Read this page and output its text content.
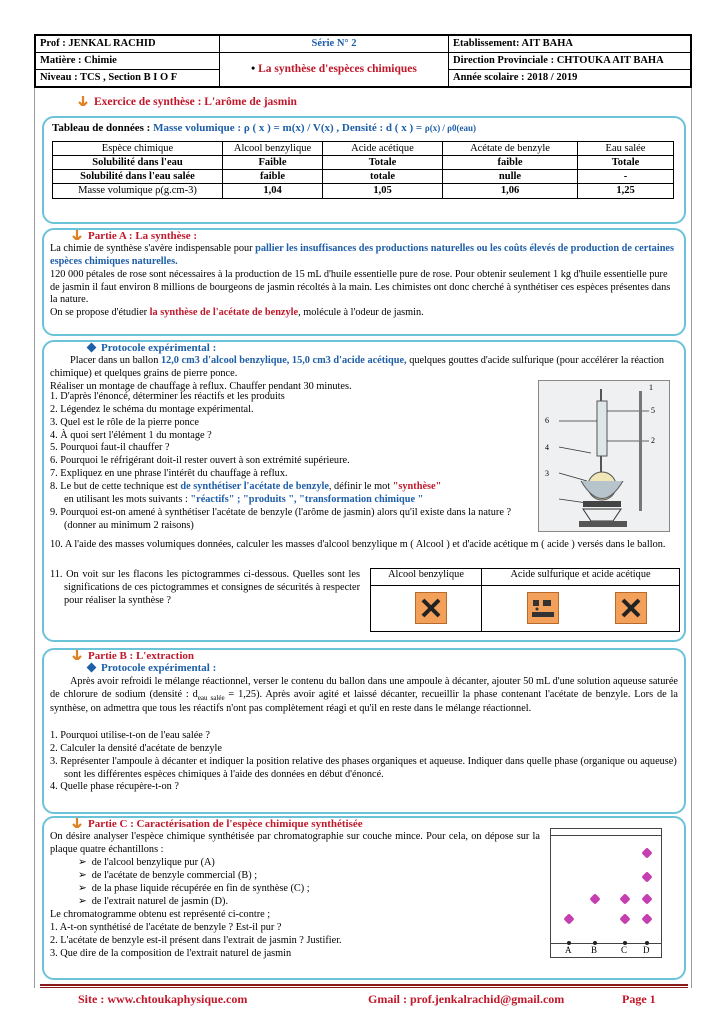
Prof : JENKAL RACHID	Série N° 2	Etablissement: AIT BAHA
Matière : Chimie	• La synthèse d'espèces chimiques	Direction Provinciale : CHTOUKA AIT BAHA
Niveau : TCS , Section B I O F		Année scolaire : 2018 / 2019
Exercice de synthèse : L'arôme de jasmin
Tableau de données : Masse volumique : ρ ( x ) = m(x) / V(x) , Densité : d ( x ) = ρ(x) / ρ0(eau)
Espèce chimique	Alcool benzylique	Acide acétique	Acétate de benzyle	Eau salée
Solubilité dans l'eau	Faible	Totale	faible	Totale
Solubilité dans l'eau salée	faible	totale	nulle	-
Masse volumique ρ(g.cm-3)	1,04	1,05	1,06	1,25
Partie A : La synthèse :
La chimie de synthèse s'avère indispensable pour pallier les insuffisances des productions naturelles ou les coûts élevés de production de certaines espèces chimiques naturelles.
120 000 pétales de rose sont nécessaires à la production de 15 mL d'huile essentielle pure de rose. Pour obtenir seulement 1 kg d'huile essentielle pure de jasmin il faut environ 8 millions de bourgeons de jasmin récoltés à la main. Les chimistes ont donc cherché à synthétiser ces espèces présentes dans la nature.
On se propose d'étudier la synthèse de l'acétate de benzyle, molécule à l'odeur de jasmin.
Protocole expérimental :
Placer dans un ballon 12,0 cm3 d'alcool benzylique, 15,0 cm3 d'acide acétique, quelques gouttes d'acide sulfurique (pour accélérer la réaction chimique) et quelques grains de pierre ponce.
Réaliser un montage de chauffage à reflux. Chauffer pendant 30 minutes.
1. D'après l'énoncé, déterminer les réactifs et les produits
2. Légendez le schéma du montage expérimental.
3. Quel est le rôle de la pierre ponce
4. À quoi sert l'élément 1 du montage ?
5. Pourquoi faut-il chauffer ?
6. Pourquoi le réfrigérant doit-il rester ouvert à son extrémité supérieure.
7. Expliquez en une phrase l'intérêt du chauffage à reflux.
8. Le but de cette technique est de synthétiser l'acétate de benzyle, définir le mot "synthèse"
en utilisant les mots suivants : "réactifs" ; "produits ", "transformation chimique "
9. Pourquoi est-on amené à synthétiser l'acétate de benzyle (l'arôme de jasmin) alors qu'il existe dans la nature ? (donner au minimum 2 raisons)
10. A l'aide des masses volumiques données, calculer les masses d'alcool benzylique m ( Alcool ) et d'acide acétique m ( acide ) versés dans le ballon.
11. On voit sur les flacons les pictogrammes ci-dessous. Quelles sont les significations de ces pictogrammes et consignes de sécurités à respecter pour réaliser la synthèse ?
1
5
2
6
4
3
Alcool benzylique	Acide sulfurique et acide acétique
Partie B : L'extraction
Protocole expérimental :
Après avoir refroidi le mélange réactionnel, verser le contenu du ballon dans une ampoule à décanter, ajouter 50 mL d'une solution aqueuse saturée de chlorure de sodium (densité : $d_{eau salée} = 1,25$). Après avoir agité et laissé décanter, recueillir la phase contenant l'acétate de benzyle. Lors de la synthèse, on admettra que tous les réactifs n'ont pas complètement réagi et qu'il en reste dans le mélange réactionnel.
1. Pourquoi utilise-t-on de l'eau salée ?
2. Calculer la densité d'acétate de benzyle
3. Représenter l'ampoule à décanter et indiquer la position relative des phases organiques et aqueuse. Indiquer dans quelle phase (organique ou aqueuse) sont les différentes espèces chimiques à l'aide des données en début d'énoncé.
4. Quelle phase récupère-t-on ?
Partie C : Caractérisation de l'espèce chimique synthétisée
On désire analyser l'espèce chimique synthétisée par chromatographie sur couche mince. Pour cela, on dépose sur la plaque quatre échantillons :
➢  de l'alcool benzylique pur (A)
➢  de l'acétate de benzyle commercial (B) ;
➢  de la phase liquide récupérée en fin de synthèse (C) ;
➢  de l'extrait naturel de jasmin (D).
Le chromatogramme obtenu est représenté ci-contre ;
1. A-t-on synthétisé de l'acétate de benzyle ? Est-il pur ?
2. L'acétate de benzyle est-il présent dans l'extrait de jasmin ? Justifier.
3. Que dire de la composition de l'extrait naturel de jasmin	A B	C D
Site : www.chtoukaphysique.com	Gmail : prof.jenkalrachid@gmail.com	Page 1
